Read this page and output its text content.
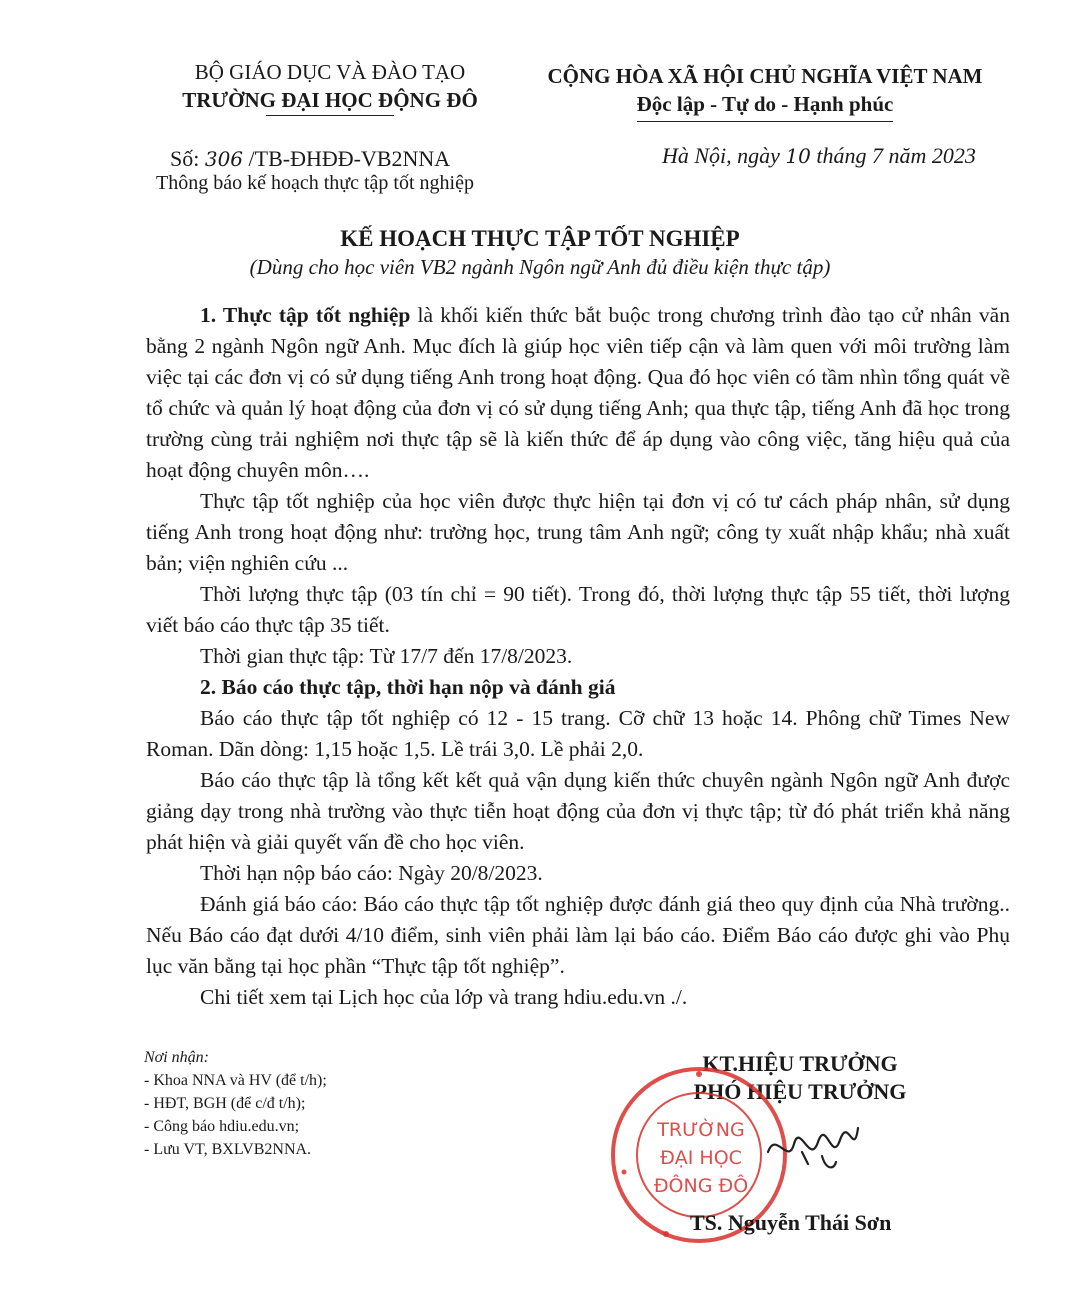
BỘ GIÁO DỤC VÀ ĐÀO TẠO
TRƯỜNG ĐẠI HỌC ĐỘNG ĐÔ
CỘNG HÒA XÃ HỘI CHỦ NGHĨA VIỆT NAM
Độc lập - Tự do - Hạnh phúc
Số: 306 /TB-ĐHĐĐ-VB2NNA
Thông báo kế hoạch thực tập tốt nghiệp
Hà Nội, ngày 10 tháng 7 năm 2023
KẾ HOẠCH THỰC TẬP TỐT NGHIỆP
(Dùng cho học viên VB2 ngành Ngôn ngữ Anh đủ điều kiện thực tập)

1. Thực tập tốt nghiệp là khối kiến thức bắt buộc trong chương trình đào tạo cử nhân văn bằng 2 ngành Ngôn ngữ Anh. Mục đích là giúp học viên tiếp cận và làm quen với môi trường làm việc tại các đơn vị có sử dụng tiếng Anh trong hoạt động. Qua đó học viên có tầm nhìn tổng quát về tổ chức và quản lý hoạt động của đơn vị có sử dụng tiếng Anh; qua thực tập, tiếng Anh đã học trong trường cùng trải nghiệm nơi thực tập sẽ là kiến thức để áp dụng vào công việc, tăng hiệu quả của hoạt động chuyên môn….

Thực tập tốt nghiệp của học viên được thực hiện tại đơn vị có tư cách pháp nhân, sử dụng tiếng Anh trong hoạt động như: trường học, trung tâm Anh ngữ; công ty xuất nhập khẩu; nhà xuất bản; viện nghiên cứu ...

Thời lượng thực tập (03 tín chỉ = 90 tiết). Trong đó, thời lượng thực tập 55 tiết, thời lượng viết báo cáo thực tập 35 tiết.

Thời gian thực tập: Từ 17/7 đến 17/8/2023.

2. Báo cáo thực tập, thời hạn nộp và đánh giá

Báo cáo thực tập tốt nghiệp có 12 - 15 trang. Cỡ chữ 13 hoặc 14. Phông chữ Times New Roman. Dãn dòng: 1,15 hoặc 1,5. Lề trái 3,0. Lề phải 2,0.

Báo cáo thực tập là tổng kết kết quả vận dụng kiến thức chuyên ngành Ngôn ngữ Anh được giảng dạy trong nhà trường vào thực tiễn hoạt động của đơn vị thực tập; từ đó phát triển khả năng phát hiện và giải quyết vấn đề cho học viên.

Thời hạn nộp báo cáo: Ngày 20/8/2023.

Đánh giá báo cáo: Báo cáo thực tập tốt nghiệp được đánh giá theo quy định của Nhà trường.. Nếu Báo cáo đạt dưới 4/10 điểm, sinh viên phải làm lại báo cáo. Điểm Báo cáo được ghi vào Phụ lục văn bằng tại học phần “Thực tập tốt nghiệp”.

Chi tiết xem tại Lịch học của lớp và trang hdiu.edu.vn ./.

Nơi nhận:
- Khoa NNA và HV (để t/h);
- HĐT, BGH (để c/đ t/h);
- Công báo hdiu.edu.vn;
- Lưu VT, BXLVB2NNA.
KT.HIỆU TRƯỞNG
PHÓ HIỆU TRƯỞNG
TRƯỜNG
ĐẠI HỌC
ĐÔNG ĐÔ
TS. Nguyễn Thái Sơn
